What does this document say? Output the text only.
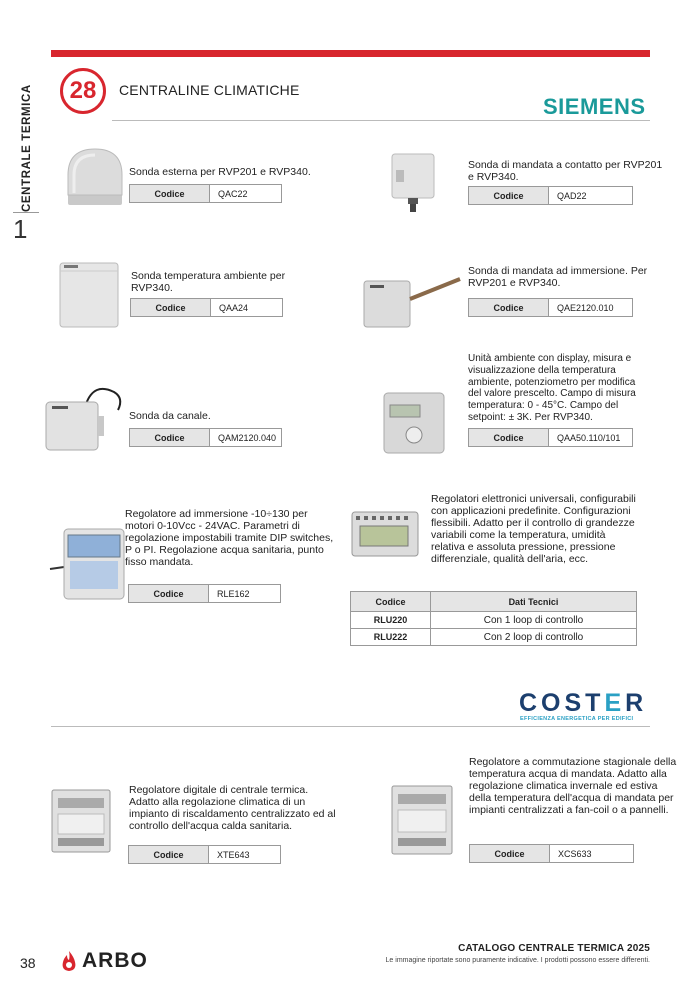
CENTRALE TERMICA
1
28	CENTRALINE CLIMATICHE
SIEMENS
Sonda esterna per RVP201 e RVP340.
Codice	QAC22
Sonda di mandata a contatto per RVP201 e RVP340.
Codice	QAD22
Sonda temperatura ambiente per RVP340.
Codice	QAA24
Sonda di mandata ad immersione. Per RVP201 e RVP340.
Codice	QAE2120.010
Sonda da canale.
Codice	QAM2120.040
Unità ambiente con display, misura e visualizzazione della temperatura ambiente, potenziometro per modifica del valore prescelto. Campo di misura temperatura: 0 - 45°C. Campo del setpoint: ± 3K. Per RVP340.
Codice	QAA50.110/101
Regolatore ad immersione -10÷130 per motori 0-10Vcc - 24VAC. Parametri di regolazione impostabili tramite DIP switches, P o PI. Regolazione acqua sanitaria, punto fisso mandata.
Codice	RLE162
Regolatori elettronici universali, configurabili con applicazioni predefinite. Configurazioni flessibili. Adatto per il controllo di grandezze variabili come la temperatura, umidità relativa e assoluta pressione, pressione differenziale, qualità dell'aria, ecc.
Codice	Dati Tecnici
RLU220	Con 1 loop di controllo
RLU222	Con 2 loop di controllo
COSTER
EFFICIENZA ENERGETICA PER EDIFICI
Regolatore digitale di centrale termica. Adatto alla regolazione climatica di un impianto di riscaldamento centralizzato ed al controllo dell'acqua calda sanitaria.
Codice	XTE643
Regolatore a commutazione stagionale della temperatura acqua di mandata. Adatto alla regolazione climatica invernale ed estiva della temperatura dell'acqua di mandata per impianti centralizzati a fan-coil o a pannelli.
Codice	XCS633
38 ARBO
CATALOGO CENTRALE TERMICA 2025
Le immagine riportate sono puramente indicative. I prodotti possono essere differenti.
